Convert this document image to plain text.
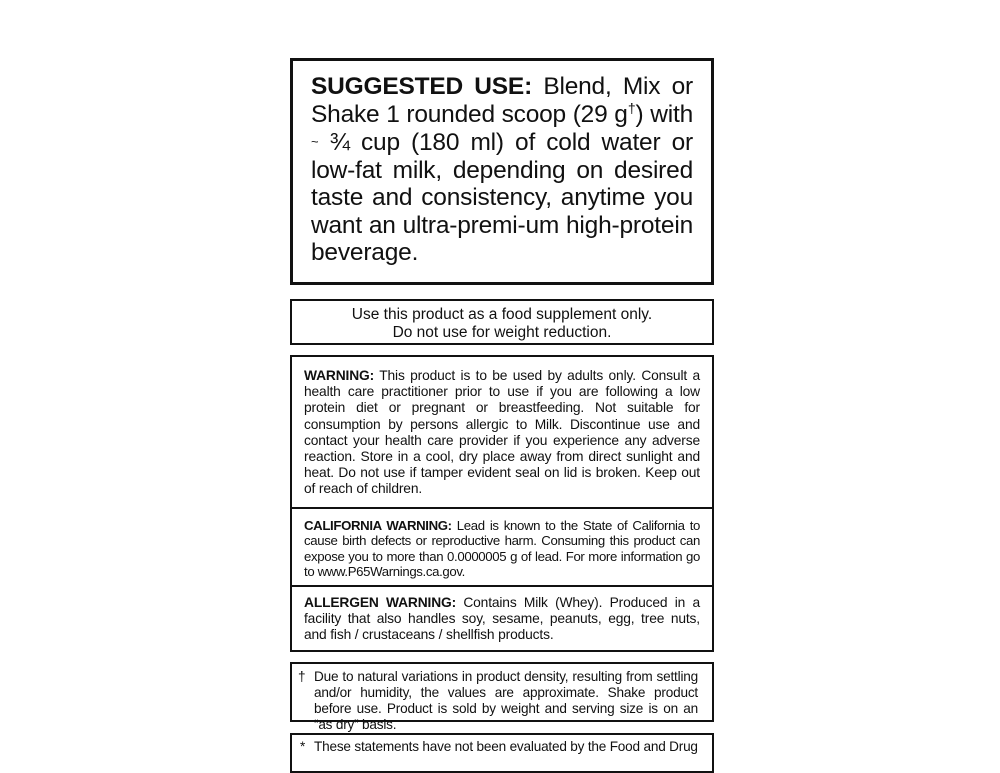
SUGGESTED USE: Blend, Mix or Shake 1 rounded scoop (29 g†) with ~ ¾ cup (180 ml) of cold water or low-fat milk, depending on desired taste and consistency, anytime you want an ultra-premi-um high-protein beverage.
Use this product as a food supplement only.
Do not use for weight reduction.
WARNING: This product is to be used by adults only. Consult a health care practitioner prior to use if you are following a low protein diet or pregnant or breastfeeding. Not suitable for consumption by persons allergic to Milk. Discontinue use and contact your health care provider if you experience any adverse reaction. Store in a cool, dry place away from direct sunlight and heat. Do not use if tamper evident seal on lid is broken. Keep out of reach of children.
CALIFORNIA WARNING: Lead is known to the State of California to cause birth defects or reproductive harm. Consuming this product can expose you to more than 0.0000005 g of lead. For more information go to www.P65Warnings.ca.gov.
ALLERGEN WARNING: Contains Milk (Whey). Produced in a facility that also handles soy, sesame, peanuts, egg, tree nuts, and fish / crustaceans / shellfish products.
† Due to natural variations in product density, resulting from settling and/or humidity, the values are approximate. Shake product before use. Product is sold by weight and serving size is on an “as dry” basis.
* These statements have not been evaluated by the Food and Drug
